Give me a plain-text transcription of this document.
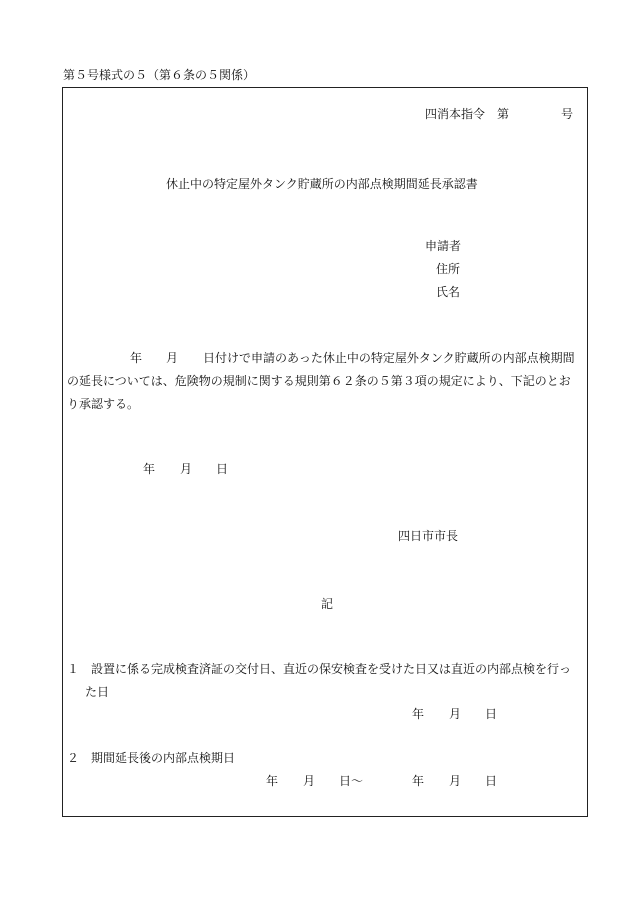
第５号様式の５（第６条の５関係）
四消本指令　第	号
休止中の特定屋外タンク貯蔵所の内部点検期間延長承認書
申請者
住所
氏名
年 月 日付けで申請のあった休止中の特定屋外タンク貯蔵所の内部点検期間
の延長については、危険物の規制に関する規則第６２条の５第３項の規定により、下記のとお
り承認する。
年 月 日
四日市市長
記
１　設置に係る完成検査済証の交付日、直近の保安検査を受けた日又は直近の内部点検を行っ
た日
年 月 日
２　期間延長後の内部点検期日
年 月 日〜	年 月 日
